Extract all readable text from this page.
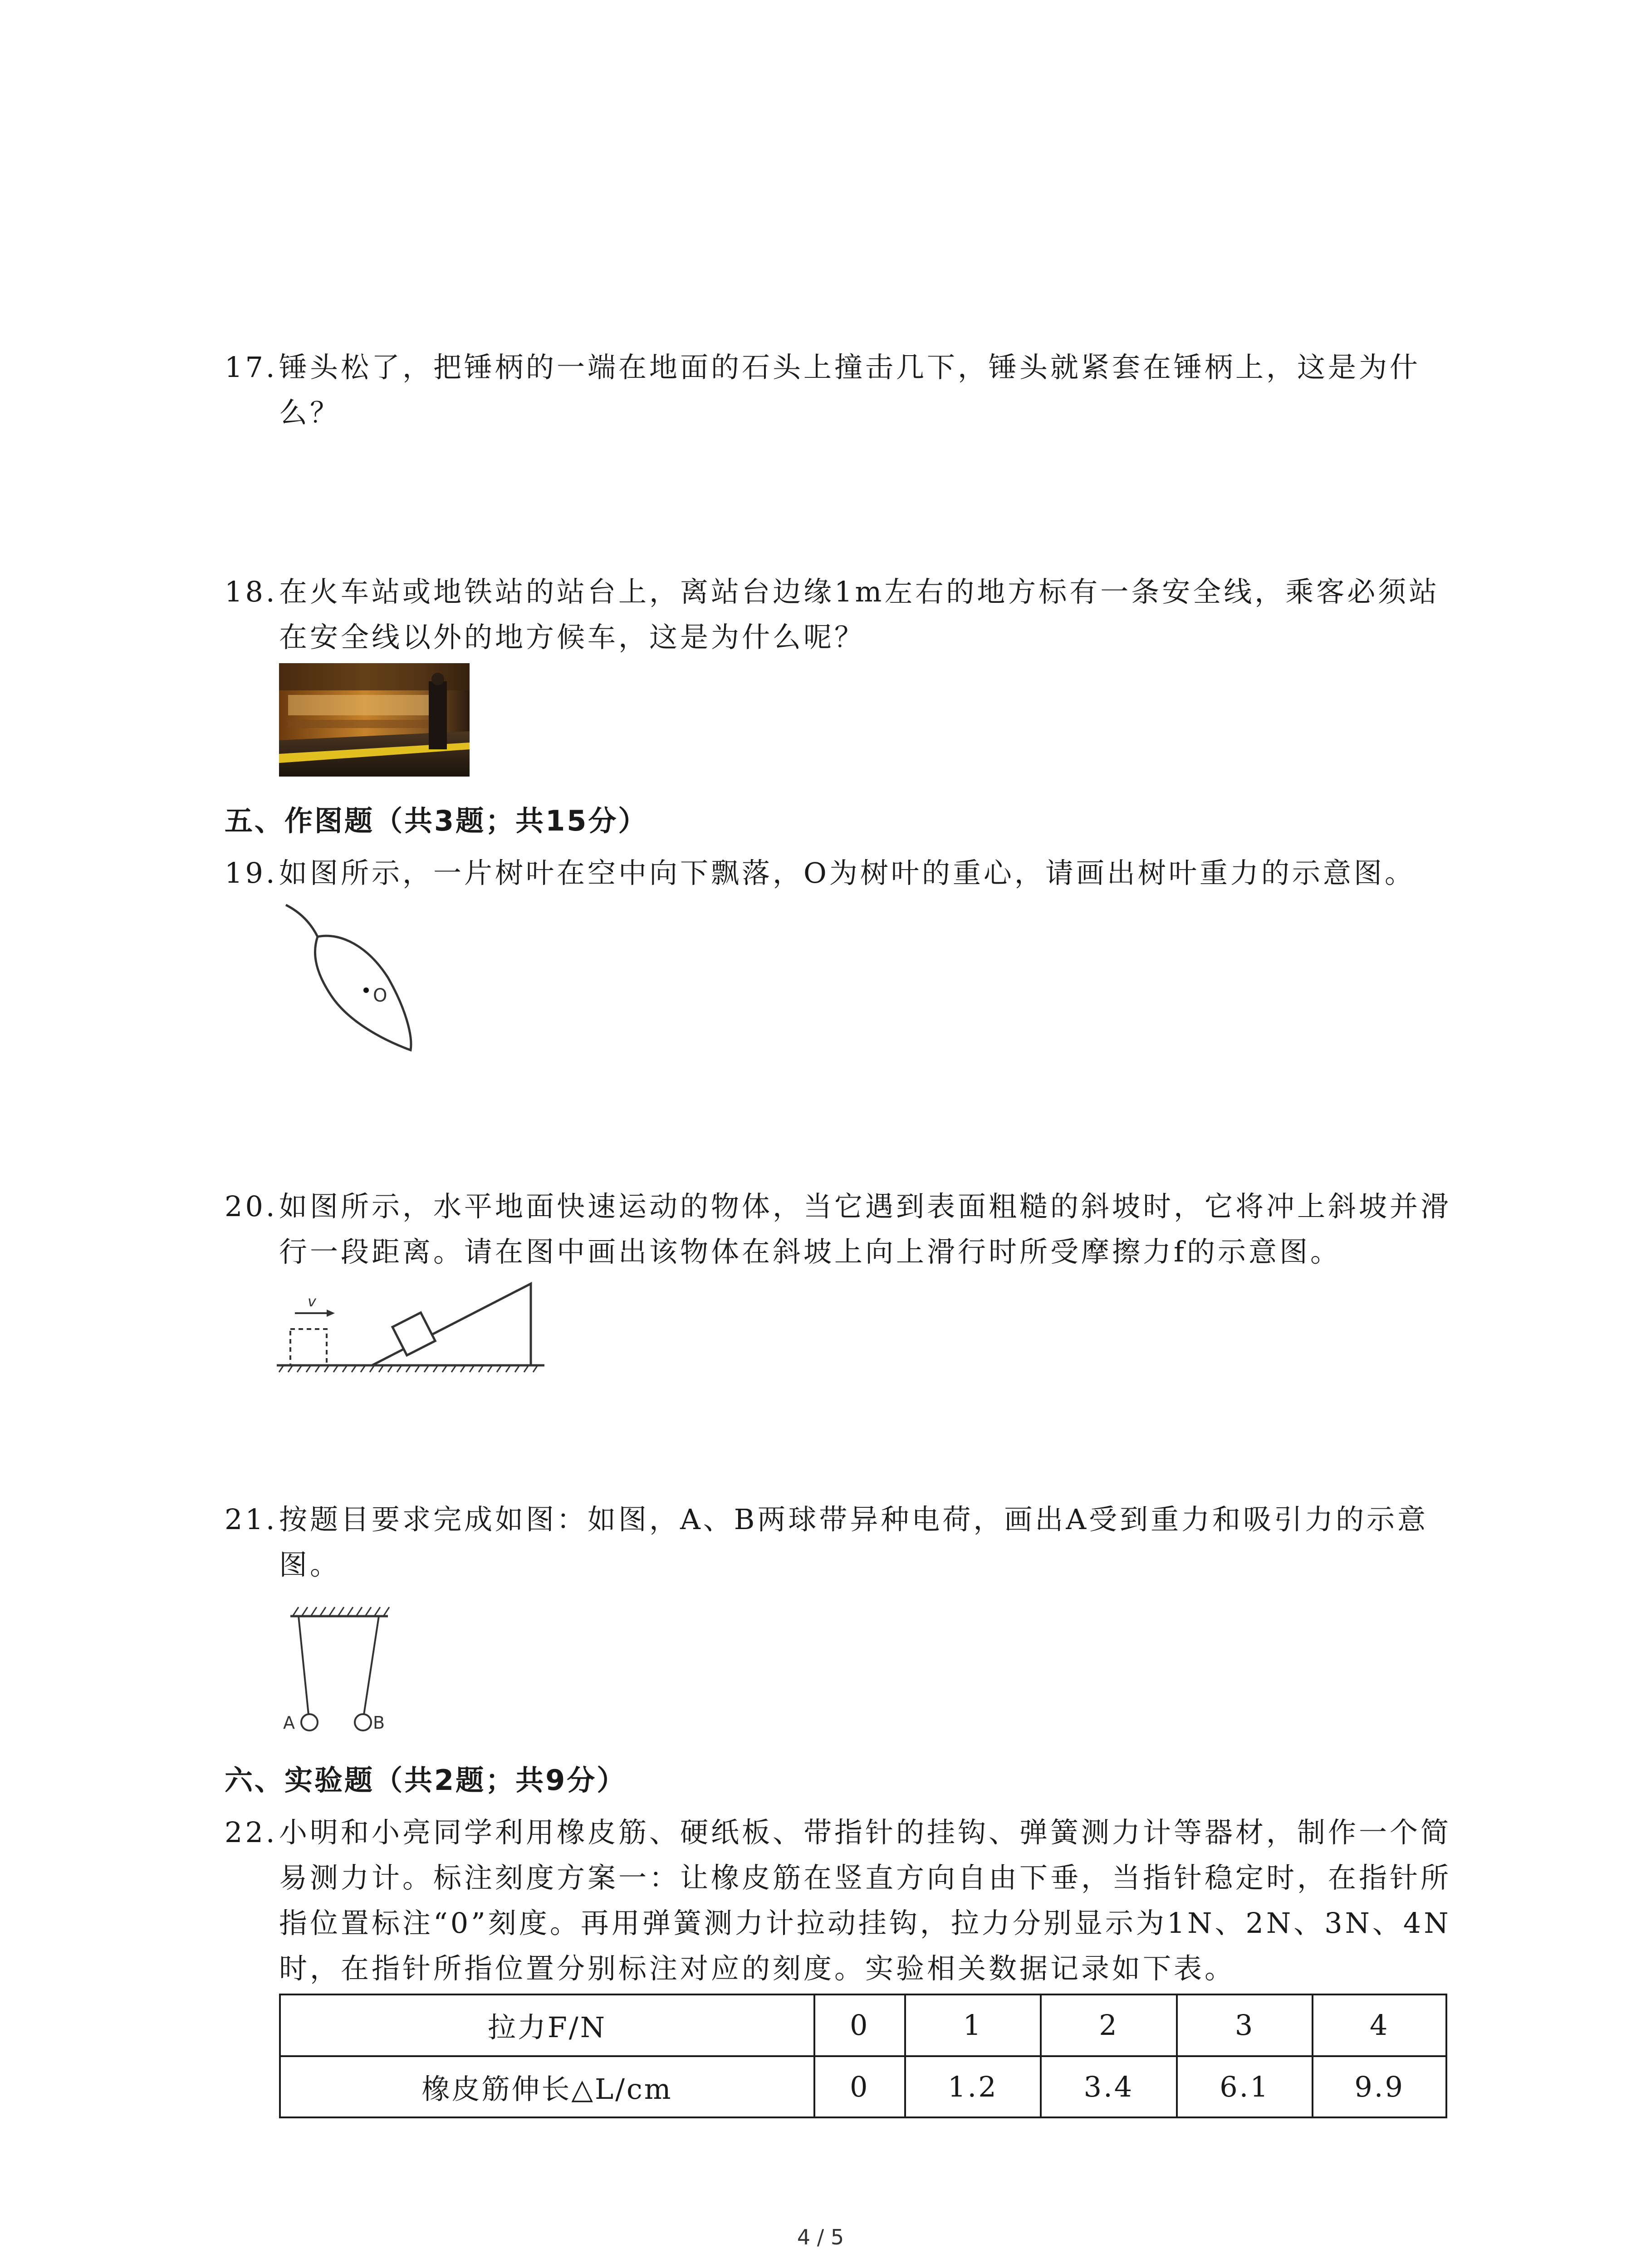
17. 锤头松了，把锤柄的一端在地面的石头上撞击几下，锤头就紧套在锤柄上，这是为什么？
18. 在火车站或地铁站的站台上，离站台边缘1m左右的地方标有一条安全线，乘客必须站在安全线以外的地方候车，这是为什么呢？
五、作图题（共3题；共15分）
19. 如图所示，一片树叶在空中向下飘落，O为树叶的重心，请画出树叶重力的示意图。
O
20. 如图所示，水平地面快速运动的物体，当它遇到表面粗糙的斜坡时，它将冲上斜坡并滑行一段距离。请在图中画出该物体在斜坡上向上滑行时所受摩擦力f的示意图。
v
21. 按题目要求完成如图：如图，A、B两球带异种电荷，画出A受到重力和吸引力的示意图。
A	B
六、实验题（共2题；共9分）
22. 小明和小亮同学利用橡皮筋、硬纸板、带指针的挂钩、弹簧测力计等器材，制作一个简易测力计。标注刻度方案一：让橡皮筋在竖直方向自由下垂，当指针稳定时，在指针所指位置标注“0”刻度。再用弹簧测力计拉动挂钩，拉力分别显示为1N、2N、3N、4N时，在指针所指位置分别标注对应的刻度。实验相关数据记录如下表。
拉力F/N	0	1	2	3	4
橡皮筋伸长△L/cm	0	1.2	3.4	6.1	9.9
4 / 5
